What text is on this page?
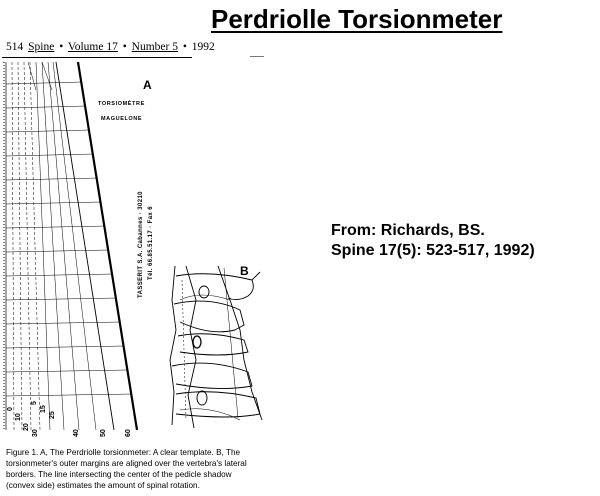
Perdriolle Torsionmeter
514 Spine • Volume 17 • Number 5 • 1992
A
B
TORSIOMÈTRE
MAGUELONE
TASSERIT S.A. Cabannes · 30210 Tél. 66.85.51.17 · Fax 6
0
5
10
15
20
25
30	40	50	60

Figure 1. A, The Perdriolle torsionmeter: A clear template. B, The

torsionmeter's outer margins are aligned over the vertebra's lateral

borders. The line intersecting the center of the pedicle shadow

(convex side) estimates the amount of spinal rotation.

From: Richards, BS.
Spine 17(5): 523-517, 1992)
